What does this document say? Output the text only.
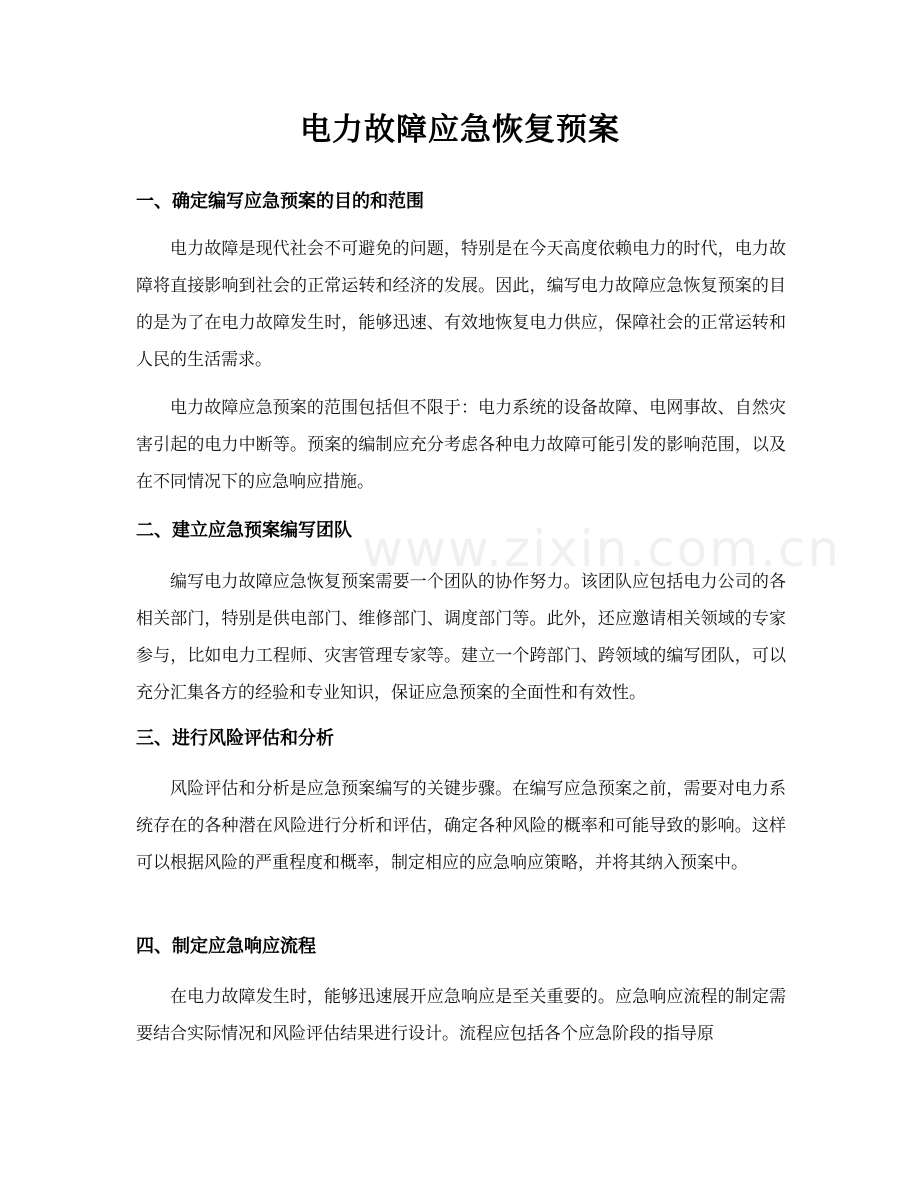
www.zixin.com.cn
电力故障应急恢复预案
一、确定编写应急预案的目的和范围

电力故障是现代社会不可避免的问题，特别是在今天高度依赖电力的时代，电力故障将直接影响到社会的正常运转和经济的发展。因此，编写电力故障应急恢复预案的目的是为了在电力故障发生时，能够迅速、有效地恢复电力供应，保障社会的正常运转和人民的生活需求。

电力故障应急预案的范围包括但不限于：电力系统的设备故障、电网事故、自然灾害引起的电力中断等。预案的编制应充分考虑各种电力故障可能引发的影响范围，以及在不同情况下的应急响应措施。

二、建立应急预案编写团队

编写电力故障应急恢复预案需要一个团队的协作努力。该团队应包括电力公司的各相关部门，特别是供电部门、维修部门、调度部门等。此外，还应邀请相关领域的专家参与，比如电力工程师、灾害管理专家等。建立一个跨部门、跨领域的编写团队，可以充分汇集各方的经验和专业知识，保证应急预案的全面性和有效性。

三、进行风险评估和分析

风险评估和分析是应急预案编写的关键步骤。在编写应急预案之前，需要对电力系统存在的各种潜在风险进行分析和评估，确定各种风险的概率和可能导致的影响。这样可以根据风险的严重程度和概率，制定相应的应急响应策略，并将其纳入预案中。

四、制定应急响应流程

在电力故障发生时，能够迅速展开应急响应是至关重要的。应急响应流程的制定需要结合实际情况和风险评估结果进行设计。流程应包括各个应急阶段的指导原
